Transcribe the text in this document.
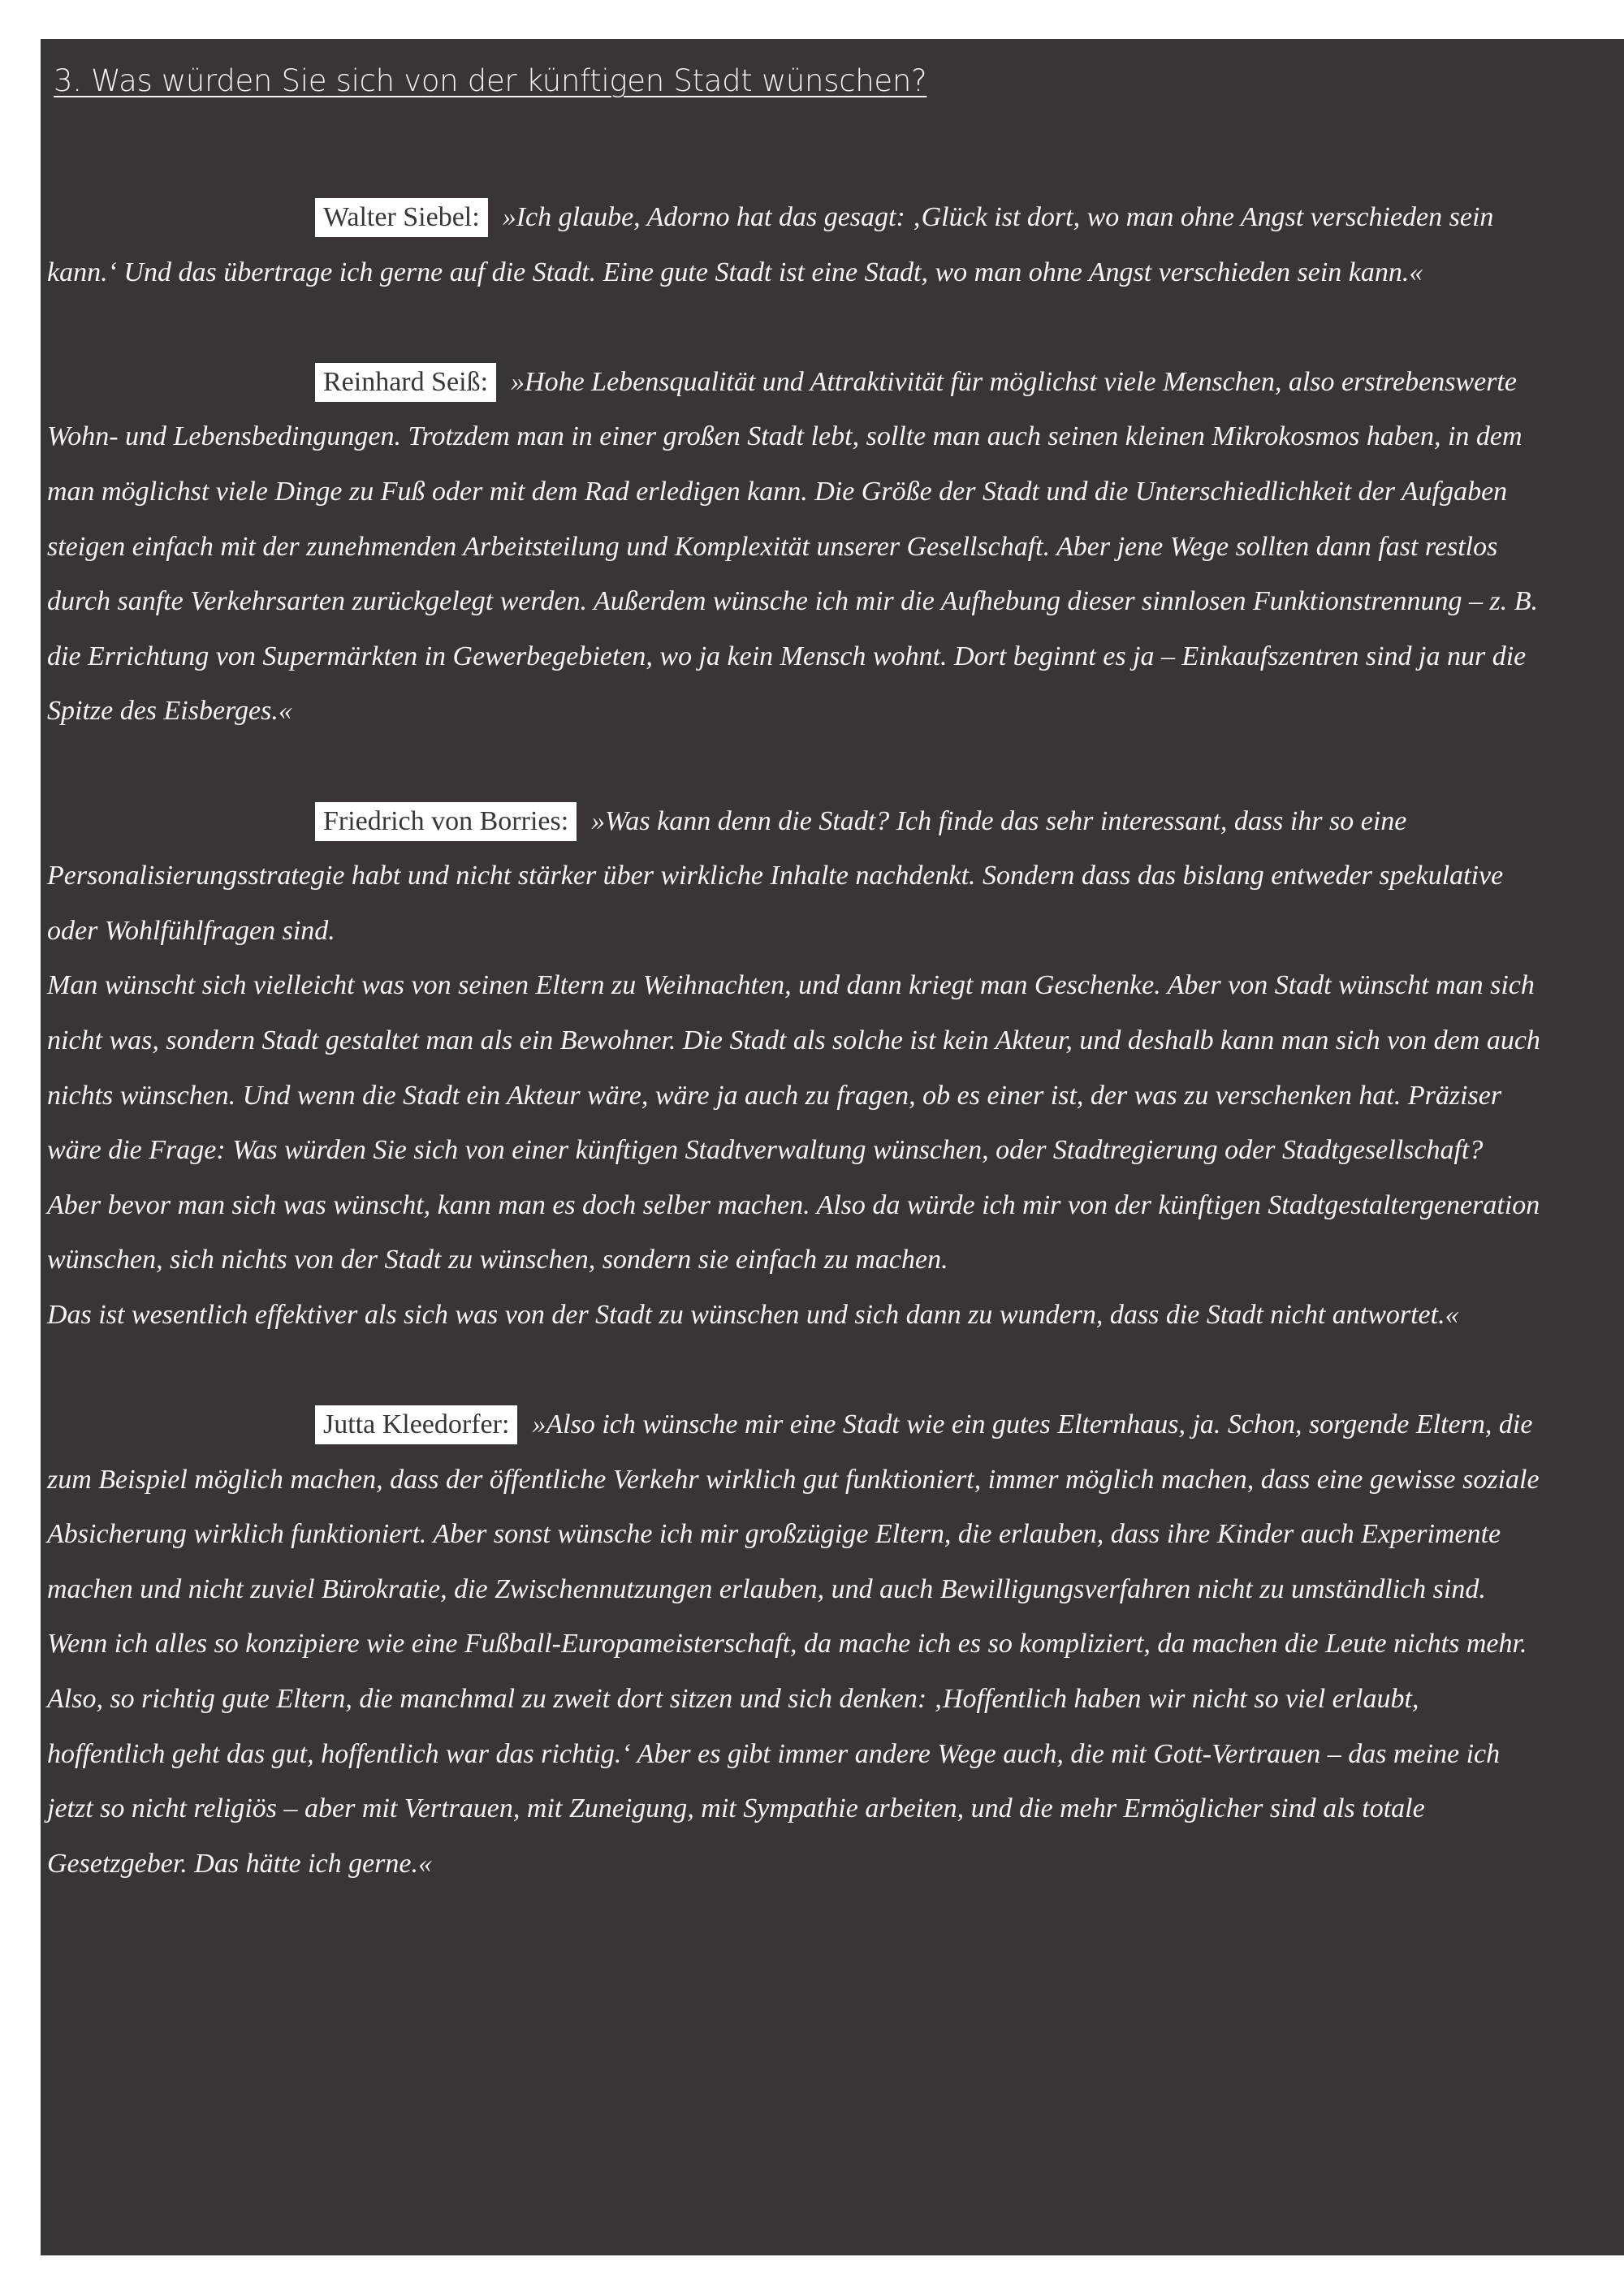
3. Was würden Sie sich von der künftigen Stadt wünschen?
Walter Siebel: »Ich glaube, Adorno hat das gesagt: ‚Glück ist dort, wo man ohne Angst verschieden sein kann.‘ Und das übertrage ich gerne auf die Stadt. Eine gute Stadt ist eine Stadt, wo man ohne Angst verschieden sein kann.«
Reinhard Seiß: »Hohe Lebensqualität und Attraktivität für möglichst viele Menschen, also erstrebenswerte Wohn- und Lebensbedingungen. Trotzdem man in einer großen Stadt lebt, sollte man auch seinen kleinen Mikrokosmos haben, in dem man möglichst viele Dinge zu Fuß oder mit dem Rad erledigen kann. Die Größe der Stadt und die Unterschiedlichkeit der Aufgaben steigen einfach mit der zunehmenden Arbeitsteilung und Komplexität unserer Gesellschaft. Aber jene Wege sollten dann fast restlos durch sanfte Verkehrsarten zurückgelegt werden. Außerdem wünsche ich mir die Aufhebung dieser sinnlosen Funktionstrennung – z. B. die Errichtung von Supermärkten in Gewerbegebieten, wo ja kein Mensch wohnt. Dort beginnt es ja – Einkaufszentren sind ja nur die Spitze des Eisberges.«
Friedrich von Borries: »Was kann denn die Stadt? Ich finde das sehr interessant, dass ihr so eine Personalisierungsstrategie habt und nicht stärker über wirkliche Inhalte nachdenkt. Sondern dass das bislang entweder spekulative oder Wohlfühlfragen sind.
Man wünscht sich vielleicht was von seinen Eltern zu Weihnachten, und dann kriegt man Geschenke. Aber von Stadt wünscht man sich nicht was, sondern Stadt gestaltet man als ein Bewohner. Die Stadt als solche ist kein Akteur, und deshalb kann man sich von dem auch nichts wünschen. Und wenn die Stadt ein Akteur wäre, wäre ja auch zu fragen, ob es einer ist, der was zu verschenken hat. Präziser wäre die Frage: Was würden Sie sich von einer künftigen Stadtverwaltung wünschen, oder Stadtregierung oder Stadtgesellschaft?
Aber bevor man sich was wünscht, kann man es doch selber machen. Also da würde ich mir von der künftigen Stadtgestaltergeneration wünschen, sich nichts von der Stadt zu wünschen, sondern sie einfach zu machen.
Das ist wesentlich effektiver als sich was von der Stadt zu wünschen und sich dann zu wundern, dass die Stadt nicht antwortet.«
Jutta Kleedorfer: »Also ich wünsche mir eine Stadt wie ein gutes Elternhaus, ja. Schon, sorgende Eltern, die zum Beispiel möglich machen, dass der öffentliche Verkehr wirklich gut funktioniert, immer möglich machen, dass eine gewisse soziale Absicherung wirklich funktioniert. Aber sonst wünsche ich mir großzügige Eltern, die erlauben, dass ihre Kinder auch Experimente machen und nicht zuviel Bürokratie, die Zwischennutzungen erlauben, und auch Bewilligungsverfahren nicht zu umständlich sind. Wenn ich alles so konzipiere wie eine Fußball-Europameisterschaft, da mache ich es so kompliziert, da machen die Leute nichts mehr. Also, so richtig gute Eltern, die manchmal zu zweit dort sitzen und sich denken: ‚Hoffentlich haben wir nicht so viel erlaubt, hoffentlich geht das gut, hoffentlich war das richtig.‘ Aber es gibt immer andere Wege auch, die mit Gott-Vertrauen – das meine ich jetzt so nicht religiös – aber mit Vertrauen, mit Zuneigung, mit Sympathie arbeiten, und die mehr Ermöglicher sind als totale Gesetzgeber. Das hätte ich gerne.«
